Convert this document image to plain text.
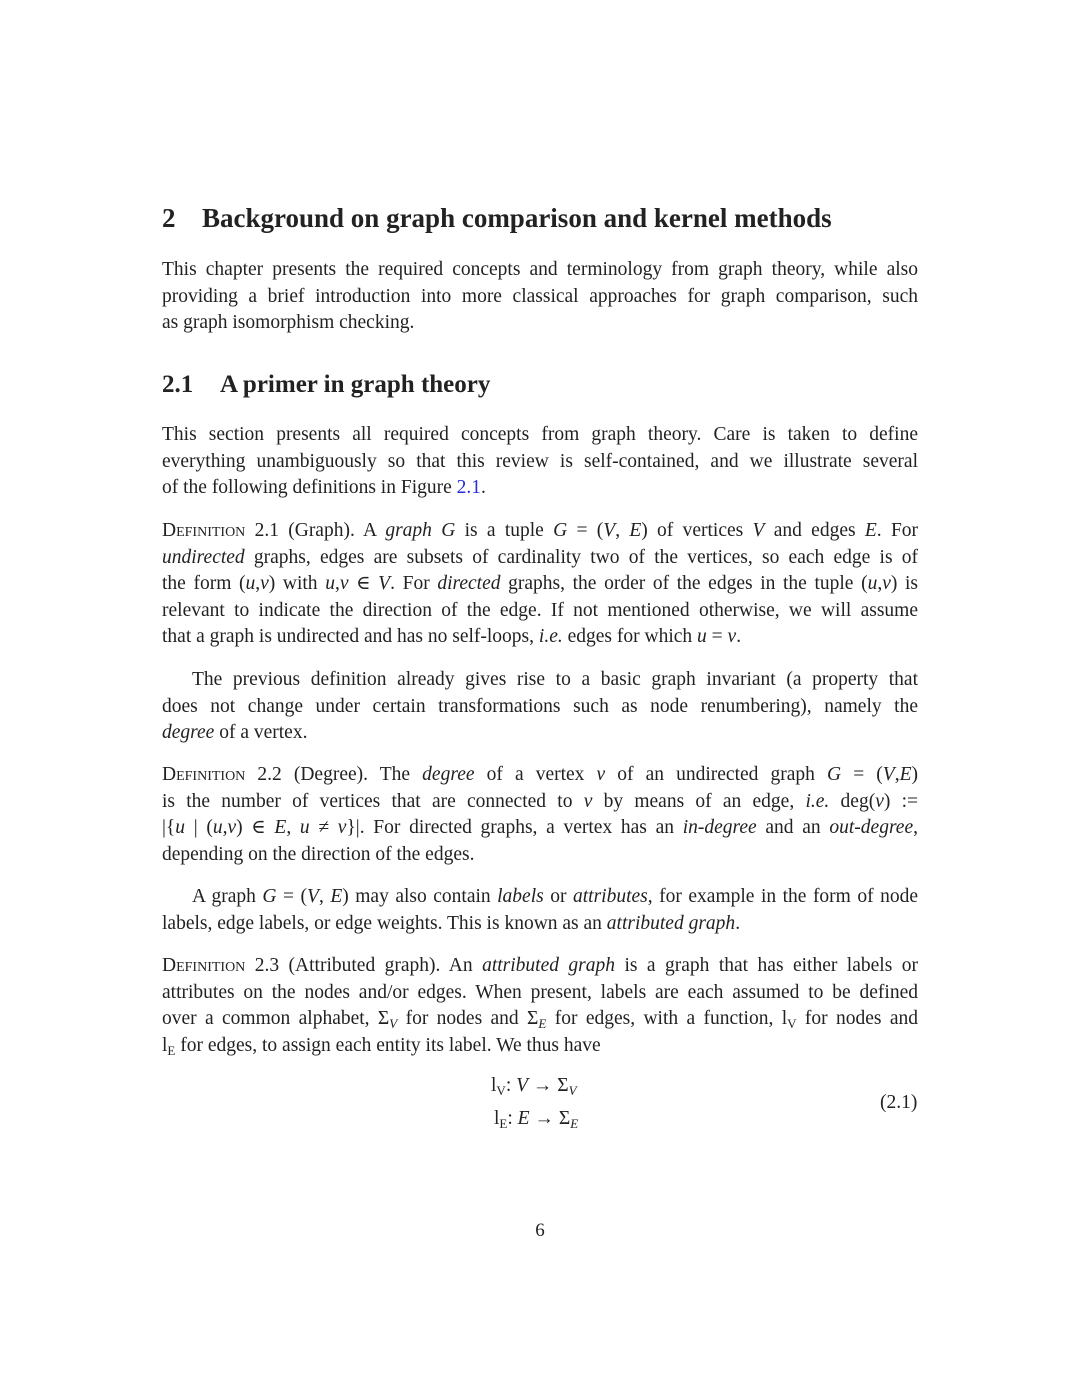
2 Background on graph comparison and kernel methods
This chapter presents the required concepts and terminology from graph theory, while also
providing a brief introduction into more classical approaches for graph comparison, such
as graph isomorphism checking.
2.1 A primer in graph theory
This section presents all required concepts from graph theory. Care is taken to define
everything unambiguously so that this review is self-contained, and we illustrate several
of the following definitions in Figure 2.1.
Definition 2.1 (Graph). A graph G is a tuple G = (V, E) of vertices V and edges E. For
undirected graphs, edges are subsets of cardinality two of the vertices, so each edge is of
the form (u,v) with u,v ∈ V. For directed graphs, the order of the edges in the tuple (u,v) is
relevant to indicate the direction of the edge. If not mentioned otherwise, we will assume
that a graph is undirected and has no self-loops, i.e. edges for which u = v.
The previous definition already gives rise to a basic graph invariant (a property that
does not change under certain transformations such as node renumbering), namely the
degree of a vertex.
Definition 2.2 (Degree). The degree of a vertex v of an undirected graph G = (V,E)
is the number of vertices that are connected to v by means of an edge, i.e. deg(v) :=
|{u | (u,v) ∈ E, u ≠ v}|. For directed graphs, a vertex has an in-degree and an out-degree,
depending on the direction of the edges.
A graph G = (V, E) may also contain labels or attributes, for example in the form of node
labels, edge labels, or edge weights. This is known as an attributed graph.
Definition 2.3 (Attributed graph). An attributed graph is a graph that has either labels or
attributes on the nodes and/or edges. When present, labels are each assumed to be defined
over a common alphabet, $\Sigma_V$ for nodes and $\Sigma_E$ for edges, with a function, $l_V$ for nodes and
$l_E$ for edges, to assign each entity its label. We thus have
$l_V$: $V \to \Sigma_V$
$l_E$: $E \to \Sigma_E$
(2.1)
6
